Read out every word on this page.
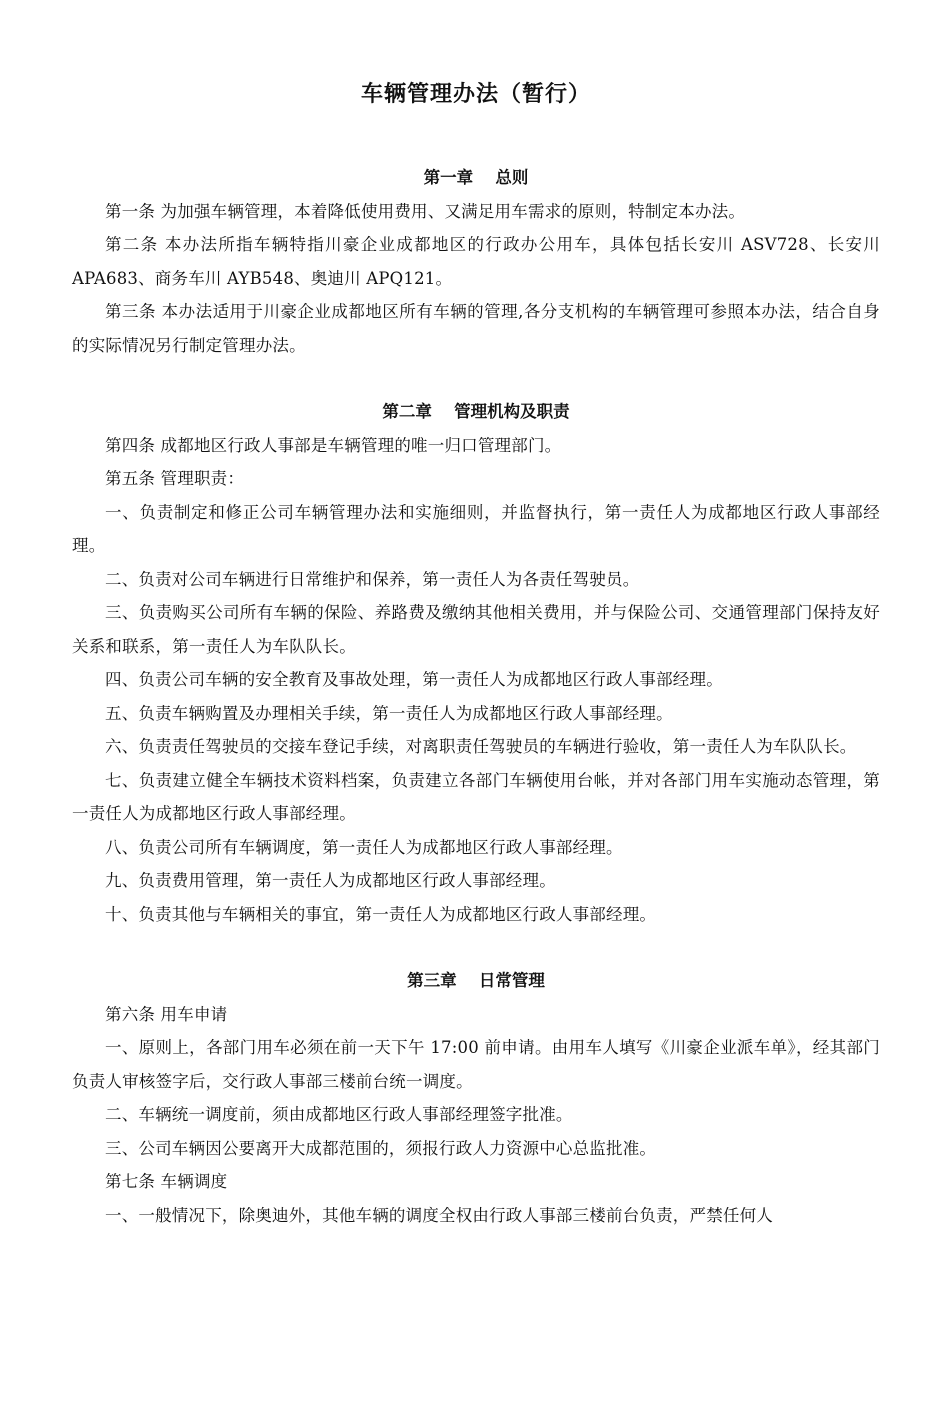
车辆管理办法（暂行）
第一章　 总则

第一条 为加强车辆管理，本着降低使用费用、又满足用车需求的原则，特制定本办法。

第二条 本办法所指车辆特指川豪企业成都地区的行政办公用车，具体包括长安川 ASV728、长安川 APA683、商务车川 AYB548、奥迪川 APQ121。

第三条 本办法适用于川豪企业成都地区所有车辆的管理,各分支机构的车辆管理可参照本办法，结合自身的实际情况另行制定管理办法。

第二章　 管理机构及职责

第四条 成都地区行政人事部是车辆管理的唯一归口管理部门。

第五条 管理职责：

一、负责制定和修正公司车辆管理办法和实施细则，并监督执行，第一责任人为成都地区行政人事部经理。

二、负责对公司车辆进行日常维护和保养，第一责任人为各责任驾驶员。

三、负责购买公司所有车辆的保险、养路费及缴纳其他相关费用，并与保险公司、交通管理部门保持友好关系和联系，第一责任人为车队队长。

四、负责公司车辆的安全教育及事故处理，第一责任人为成都地区行政人事部经理。

五、负责车辆购置及办理相关手续，第一责任人为成都地区行政人事部经理。

六、负责责任驾驶员的交接车登记手续，对离职责任驾驶员的车辆进行验收，第一责任人为车队队长。

七、负责建立健全车辆技术资料档案，负责建立各部门车辆使用台帐，并对各部门用车实施动态管理，第一责任人为成都地区行政人事部经理。

八、负责公司所有车辆调度，第一责任人为成都地区行政人事部经理。

九、负责费用管理，第一责任人为成都地区行政人事部经理。

十、负责其他与车辆相关的事宜，第一责任人为成都地区行政人事部经理。

第三章　 日常管理

第六条 用车申请

一、原则上，各部门用车必须在前一天下午 17:00 前申请。由用车人填写《川豪企业派车单》，经其部门负责人审核签字后，交行政人事部三楼前台统一调度。

二、车辆统一调度前，须由成都地区行政人事部经理签字批准。

三、公司车辆因公要离开大成都范围的，须报行政人力资源中心总监批准。

第七条 车辆调度

一、一般情况下，除奥迪外，其他车辆的调度全权由行政人事部三楼前台负责，严禁任何人
